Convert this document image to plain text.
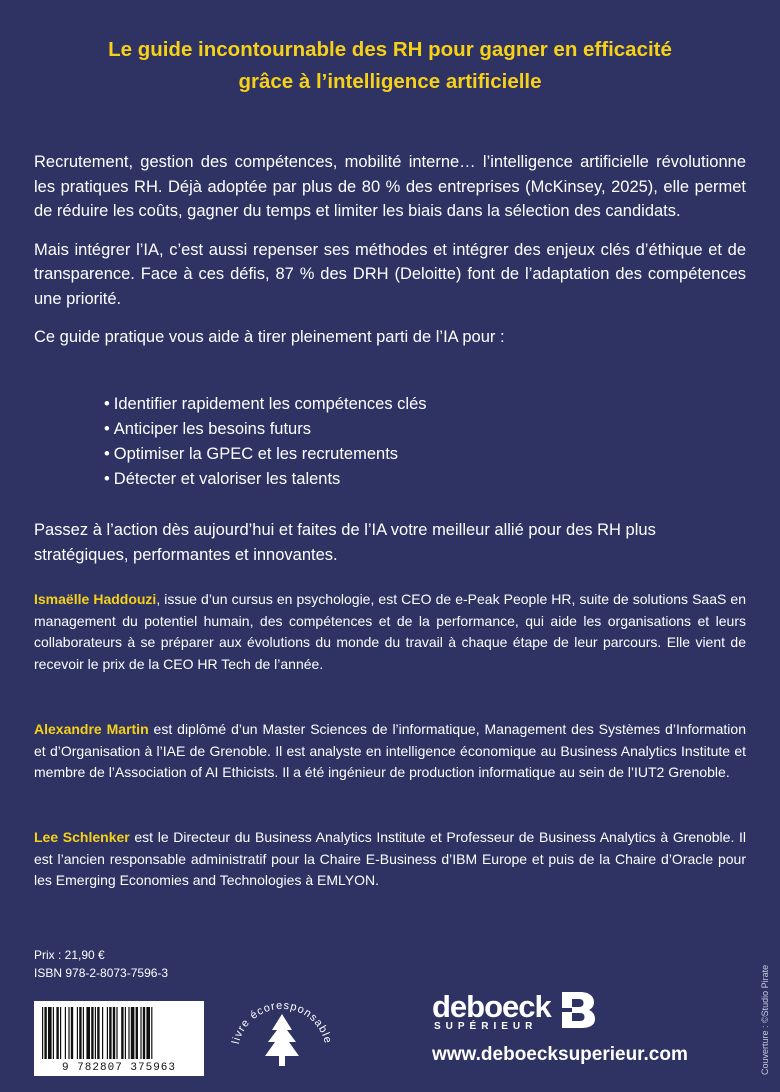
Le guide incontournable des RH pour gagner en efficacité
grâce à l’intelligence artificielle

Recrutement, gestion des compétences, mobilité interne… l’intelligence artificielle révolutionne les pratiques RH. Déjà adoptée par plus de 80 % des entreprises (McKinsey, 2025), elle permet de réduire les coûts, gagner du temps et limiter les biais dans la sélection des candidats.

Mais intégrer l’IA, c’est aussi repenser ses méthodes et intégrer des enjeux clés d’éthique et de transparence. Face à ces défis, 87 % des DRH (Deloitte) font de l’adaptation des compétences une priorité.

Ce guide pratique vous aide à tirer pleinement parti de l’IA pour :

• Identifier rapidement les compétences clés
• Anticiper les besoins futurs
• Optimiser la GPEC et les recrutements
• Détecter et valoriser les talents
Passez à l’action dès aujourd’hui et faites de l’IA votre meilleur allié pour des RH plus stratégiques, performantes et innovantes.
Ismaëlle Haddouzi, issue d’un cursus en psychologie, est CEO de e-Peak People HR, suite de solutions SaaS en management du potentiel humain, des compétences et de la performance, qui aide les organisations et leurs collaborateurs à se préparer aux évolutions du monde du travail à chaque étape de leur parcours. Elle vient de recevoir le prix de la CEO HR Tech de l’année.
Alexandre Martin est diplômé d’un Master Sciences de l’informatique, Management des Systèmes d’Information et d’Organisation à l’IAE de Grenoble. Il est analyste en intelligence économique au Business Analytics Institute et membre de l’Association of AI Ethicists. Il a été ingénieur de production informatique au sein de l’IUT2 Grenoble.
Lee Schlenker est le Directeur du Business Analytics Institute et Professeur de Business Analytics à Grenoble. Il est l’ancien responsable administratif pour la Chaire E-Business d’IBM Europe et puis de la Chaire d’Oracle pour les Emerging Economies and Technologies à EMLYON.
Prix : 21,90 €
ISBN 978-2-8073-7596-3
9 782807 375963
livre écoresponsable
deboeck
SUPÉRIEUR
www.deboecksuperieur.com	Couverture : ©Studio Pirate
